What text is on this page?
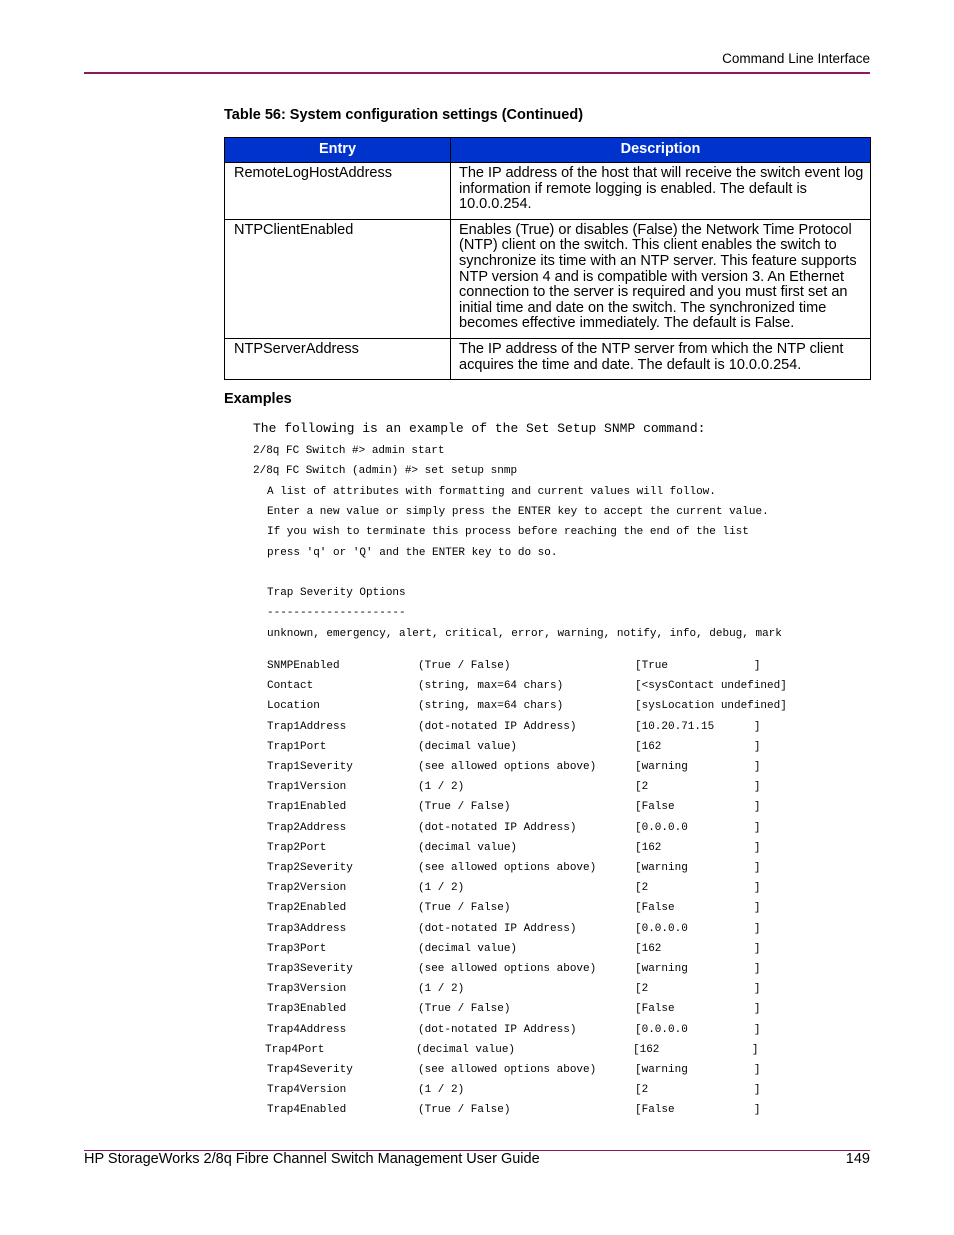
Command Line Interface
Table 56: System configuration settings (Continued)
Entry	Description
RemoteLogHostAddress	The IP address of the host that will receive the switch event log information if remote logging is enabled. The default is 10.0.0.254.
NTPClientEnabled	Enables (True) or disables (False) the Network Time Protocol (NTP) client on the switch. This client enables the switch to synchronize its time with an NTP server. This feature supports NTP version 4 and is compatible with version 3. An Ethernet connection to the server is required and you must first set an initial time and date on the switch. The synchronized time becomes effective immediately. The default is False.
NTPServerAddress	The IP address of the NTP server from which the NTP client acquires the time and date. The default is 10.0.0.254.
Examples
The following is an example of the Set Setup SNMP command:
2/8q FC Switch #> admin start
2/8q FC Switch (admin) #> set setup snmp
A list of attributes with formatting and current values will follow.
Enter a new value or simply press the ENTER key to accept the current value.
If you wish to terminate this process before reaching the end of the list
press 'q' or 'Q' and the ENTER key to do so.
Trap Severity Options
---------------------
unknown, emergency, alert, critical, error, warning, notify, info, debug, mark
SNMPEnabled	(True / False)	[True             ]
Contact	(string, max=64 chars)	[<sysContact undefined]
Location	(string, max=64 chars)	[sysLocation undefined]
Trap1Address	(dot-notated IP Address)	[10.20.71.15      ]
Trap1Port	(decimal value)	[162              ]
Trap1Severity	(see allowed options above)	[warning          ]
Trap1Version	(1 / 2)	[2                ]
Trap1Enabled	(True / False)	[False            ]
Trap2Address	(dot-notated IP Address)	[0.0.0.0          ]
Trap2Port	(decimal value)	[162              ]
Trap2Severity	(see allowed options above)	[warning          ]
Trap2Version	(1 / 2)	[2                ]
Trap2Enabled	(True / False)	[False            ]
Trap3Address	(dot-notated IP Address)	[0.0.0.0          ]
Trap3Port	(decimal value)	[162              ]
Trap3Severity	(see allowed options above)	[warning          ]
Trap3Version	(1 / 2)	[2                ]
Trap3Enabled	(True / False)	[False            ]
Trap4Address	(dot-notated IP Address)	[0.0.0.0          ]
Trap4Port	(decimal value)	[162              ]
Trap4Severity	(see allowed options above)	[warning          ]
Trap4Version	(1 / 2)	[2                ]
Trap4Enabled	(True / False)	[False            ]
HP StorageWorks 2/8q Fibre Channel Switch Management User Guide	149
